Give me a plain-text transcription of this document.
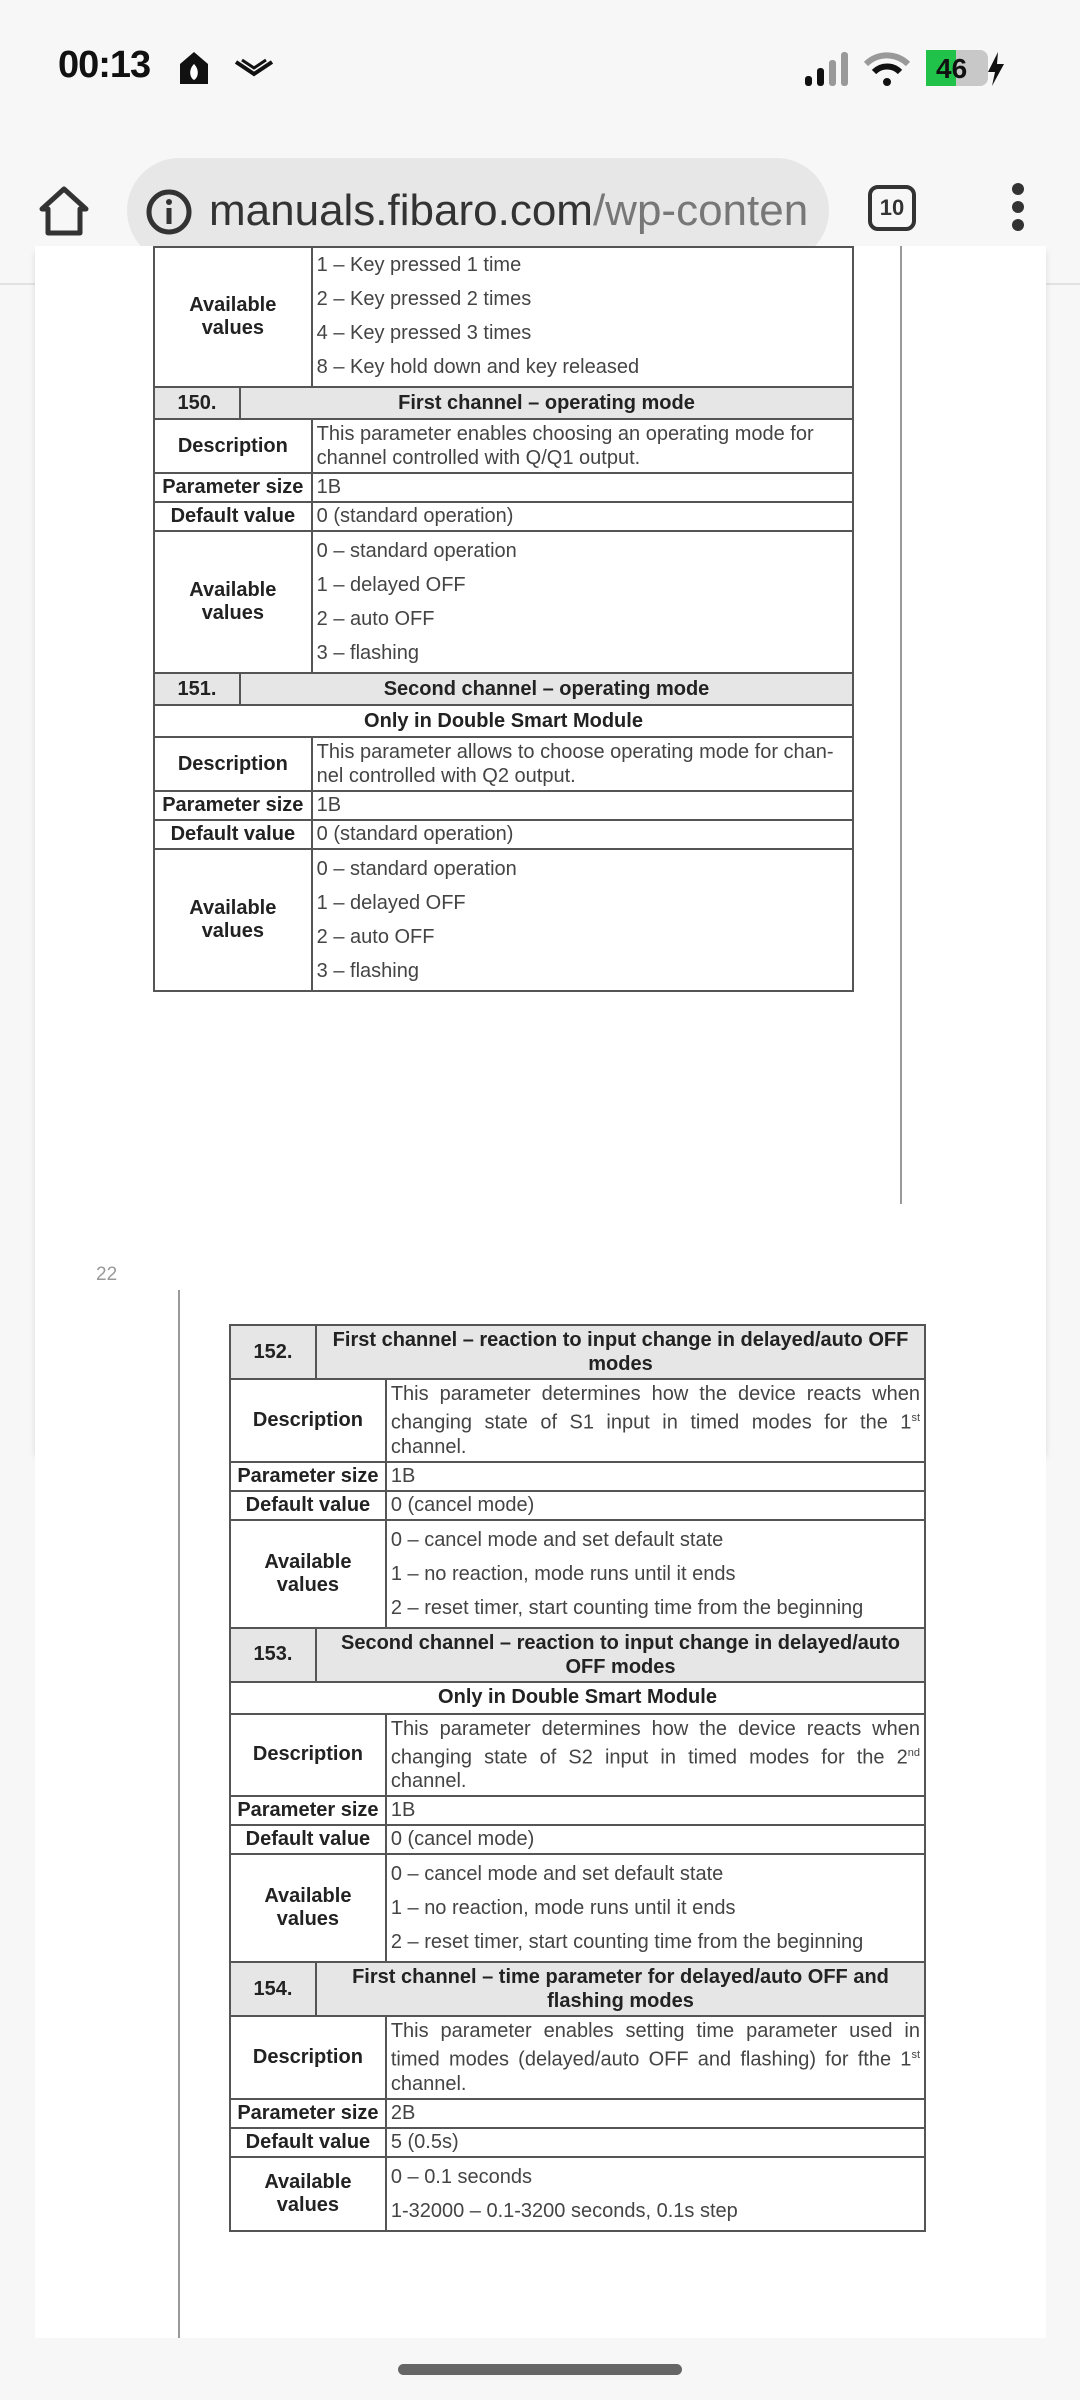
00:13	46
manuals.fibaro.com/wp-conten	10
Available
values		1 – Key pressed 1 time
2 – Key pressed 2 times
4 – Key pressed 3 times
8 – Key hold down and key released

150.	First channel – operating mode	
Description		This parameter enables choosing an operating mode for channel controlled with Q/Q1 output.
Parameter size		1B
Default value		0 (standard operation)
Available
values		0 – standard operation
1 – delayed OFF
2 – auto OFF
3 – flashing

151.	Second channel – operating mode	
Only in Double Smart Module		
Description		This parameter allows to choose operating mode for chan-nel controlled with Q2 output.
Parameter size		1B
Default value		0 (standard operation)
Available
values		0 – standard operation
1 – delayed OFF
2 – auto OFF
3 – flashing
22
152.	First channel – reaction to input change in delayed/auto OFF modes	
Description		This parameter determines how the device reacts when changing state of S1 input in timed modes for the 1st channel.
Parameter size		1B
Default value		0 (cancel mode)
Available
values		0 – cancel mode and set default state
1 – no reaction, mode runs until it ends
2 – reset timer, start counting time from the beginning

153.	Second channel – reaction to input change in delayed/auto OFF modes	
Only in Double Smart Module		
Description		This parameter determines how the device reacts when changing state of S2 input in timed modes for the 2nd channel.
Parameter size		1B
Default value		0 (cancel mode)
Available
values		0 – cancel mode and set default state
1 – no reaction, mode runs until it ends
2 – reset timer, start counting time from the beginning

154.	First channel – time parameter for delayed/auto OFF and flashing modes	
Description		This parameter enables setting time parameter used in timed modes (delayed/auto OFF and flashing) for fthe 1st channel.
Parameter size		2B
Default value		5 (0.5s)
Available
values		0 – 0.1 seconds
1-32000 – 0.1-3200 seconds, 0.1s step
